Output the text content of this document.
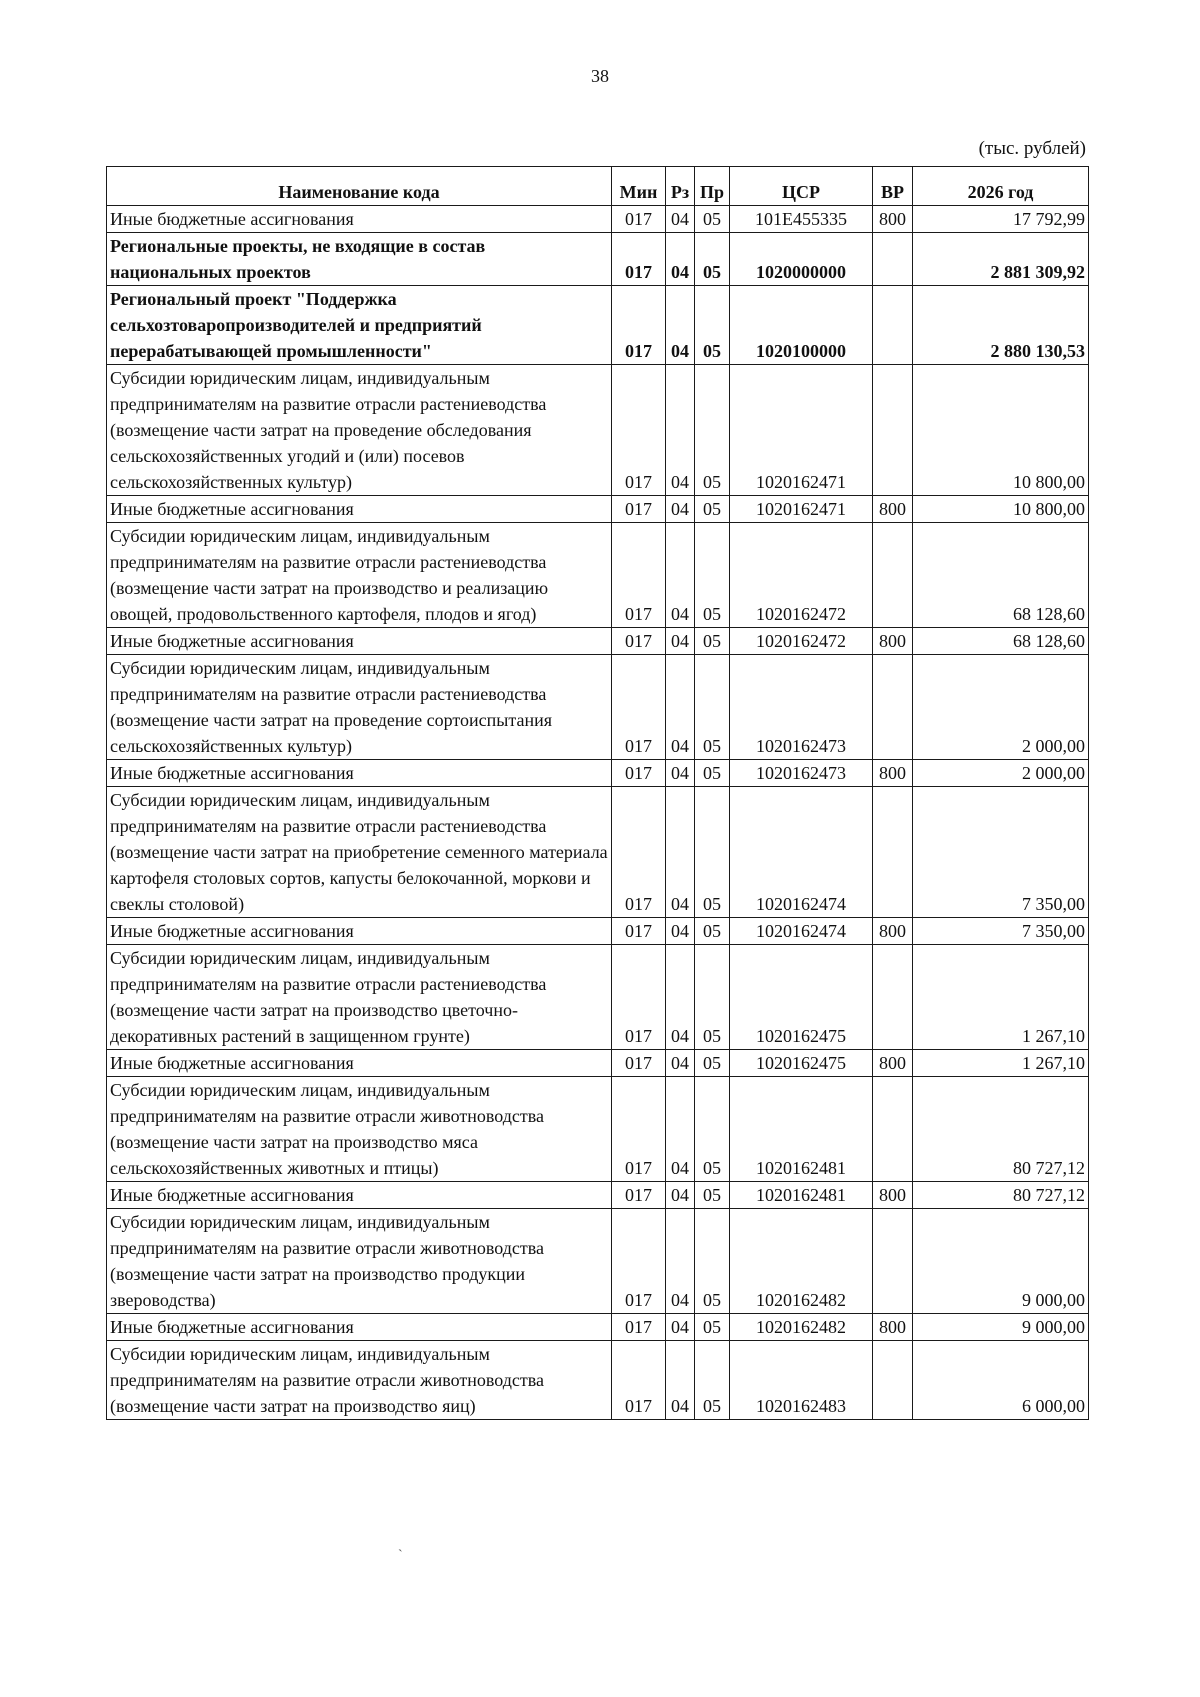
38
(тыс. рублей)
Наименование кода	Мин	Рз	Пр	ЦСР	ВР	2026 год
Иные бюджетные ассигнования	017	04	05	101E455335	800	17 792,99
Региональные проекты, не входящие в состав национальных проектов	017	04	05	1020000000		2 881 309,92
Региональный проект "Поддержка сельхозтоваропроизводителей и предприятий перерабатывающей промышленности"	017	04	05	1020100000		2 880 130,53
Субсидии юридическим лицам, индивидуальным предпринимателям на развитие отрасли растениеводства (возмещение части затрат на проведение обследования сельскохозяйственных угодий и (или) посевов сельскохозяйственных культур)	017	04	05	1020162471		10 800,00
Иные бюджетные ассигнования	017	04	05	1020162471	800	10 800,00
Субсидии юридическим лицам, индивидуальным предпринимателям на развитие отрасли растениеводства (возмещение части затрат на производство и реализацию овощей, продовольственного картофеля, плодов и ягод)	017	04	05	1020162472		68 128,60
Иные бюджетные ассигнования	017	04	05	1020162472	800	68 128,60
Субсидии юридическим лицам, индивидуальным предпринимателям на развитие отрасли растениеводства (возмещение части затрат на проведение сортоиспытания сельскохозяйственных культур)	017	04	05	1020162473		2 000,00
Иные бюджетные ассигнования	017	04	05	1020162473	800	2 000,00
Субсидии юридическим лицам, индивидуальным предпринимателям на развитие отрасли растениеводства (возмещение части затрат на приобретение семенного материала картофеля столовых сортов, капусты белокочанной, моркови и свеклы столовой)	017	04	05	1020162474		7 350,00
Иные бюджетные ассигнования	017	04	05	1020162474	800	7 350,00
Субсидии юридическим лицам, индивидуальным предпринимателям на развитие отрасли растениеводства (возмещение части затрат на производство цветочно-декоративных растений в защищенном грунте)	017	04	05	1020162475		1 267,10
Иные бюджетные ассигнования	017	04	05	1020162475	800	1 267,10
Субсидии юридическим лицам, индивидуальным предпринимателям на развитие отрасли животноводства (возмещение части затрат на производство мяса сельскохозяйственных животных и птицы)	017	04	05	1020162481		80 727,12
Иные бюджетные ассигнования	017	04	05	1020162481	800	80 727,12
Субсидии юридическим лицам, индивидуальным предпринимателям на развитие отрасли животноводства (возмещение части затрат на производство продукции звероводства)	017	04	05	1020162482		9 000,00
Иные бюджетные ассигнования	017	04	05	1020162482	800	9 000,00
Субсидии юридическим лицам, индивидуальным предпринимателям на развитие отрасли животноводства (возмещение части затрат на производство яиц)	017	04	05	1020162483		6 000,00
ˋ
